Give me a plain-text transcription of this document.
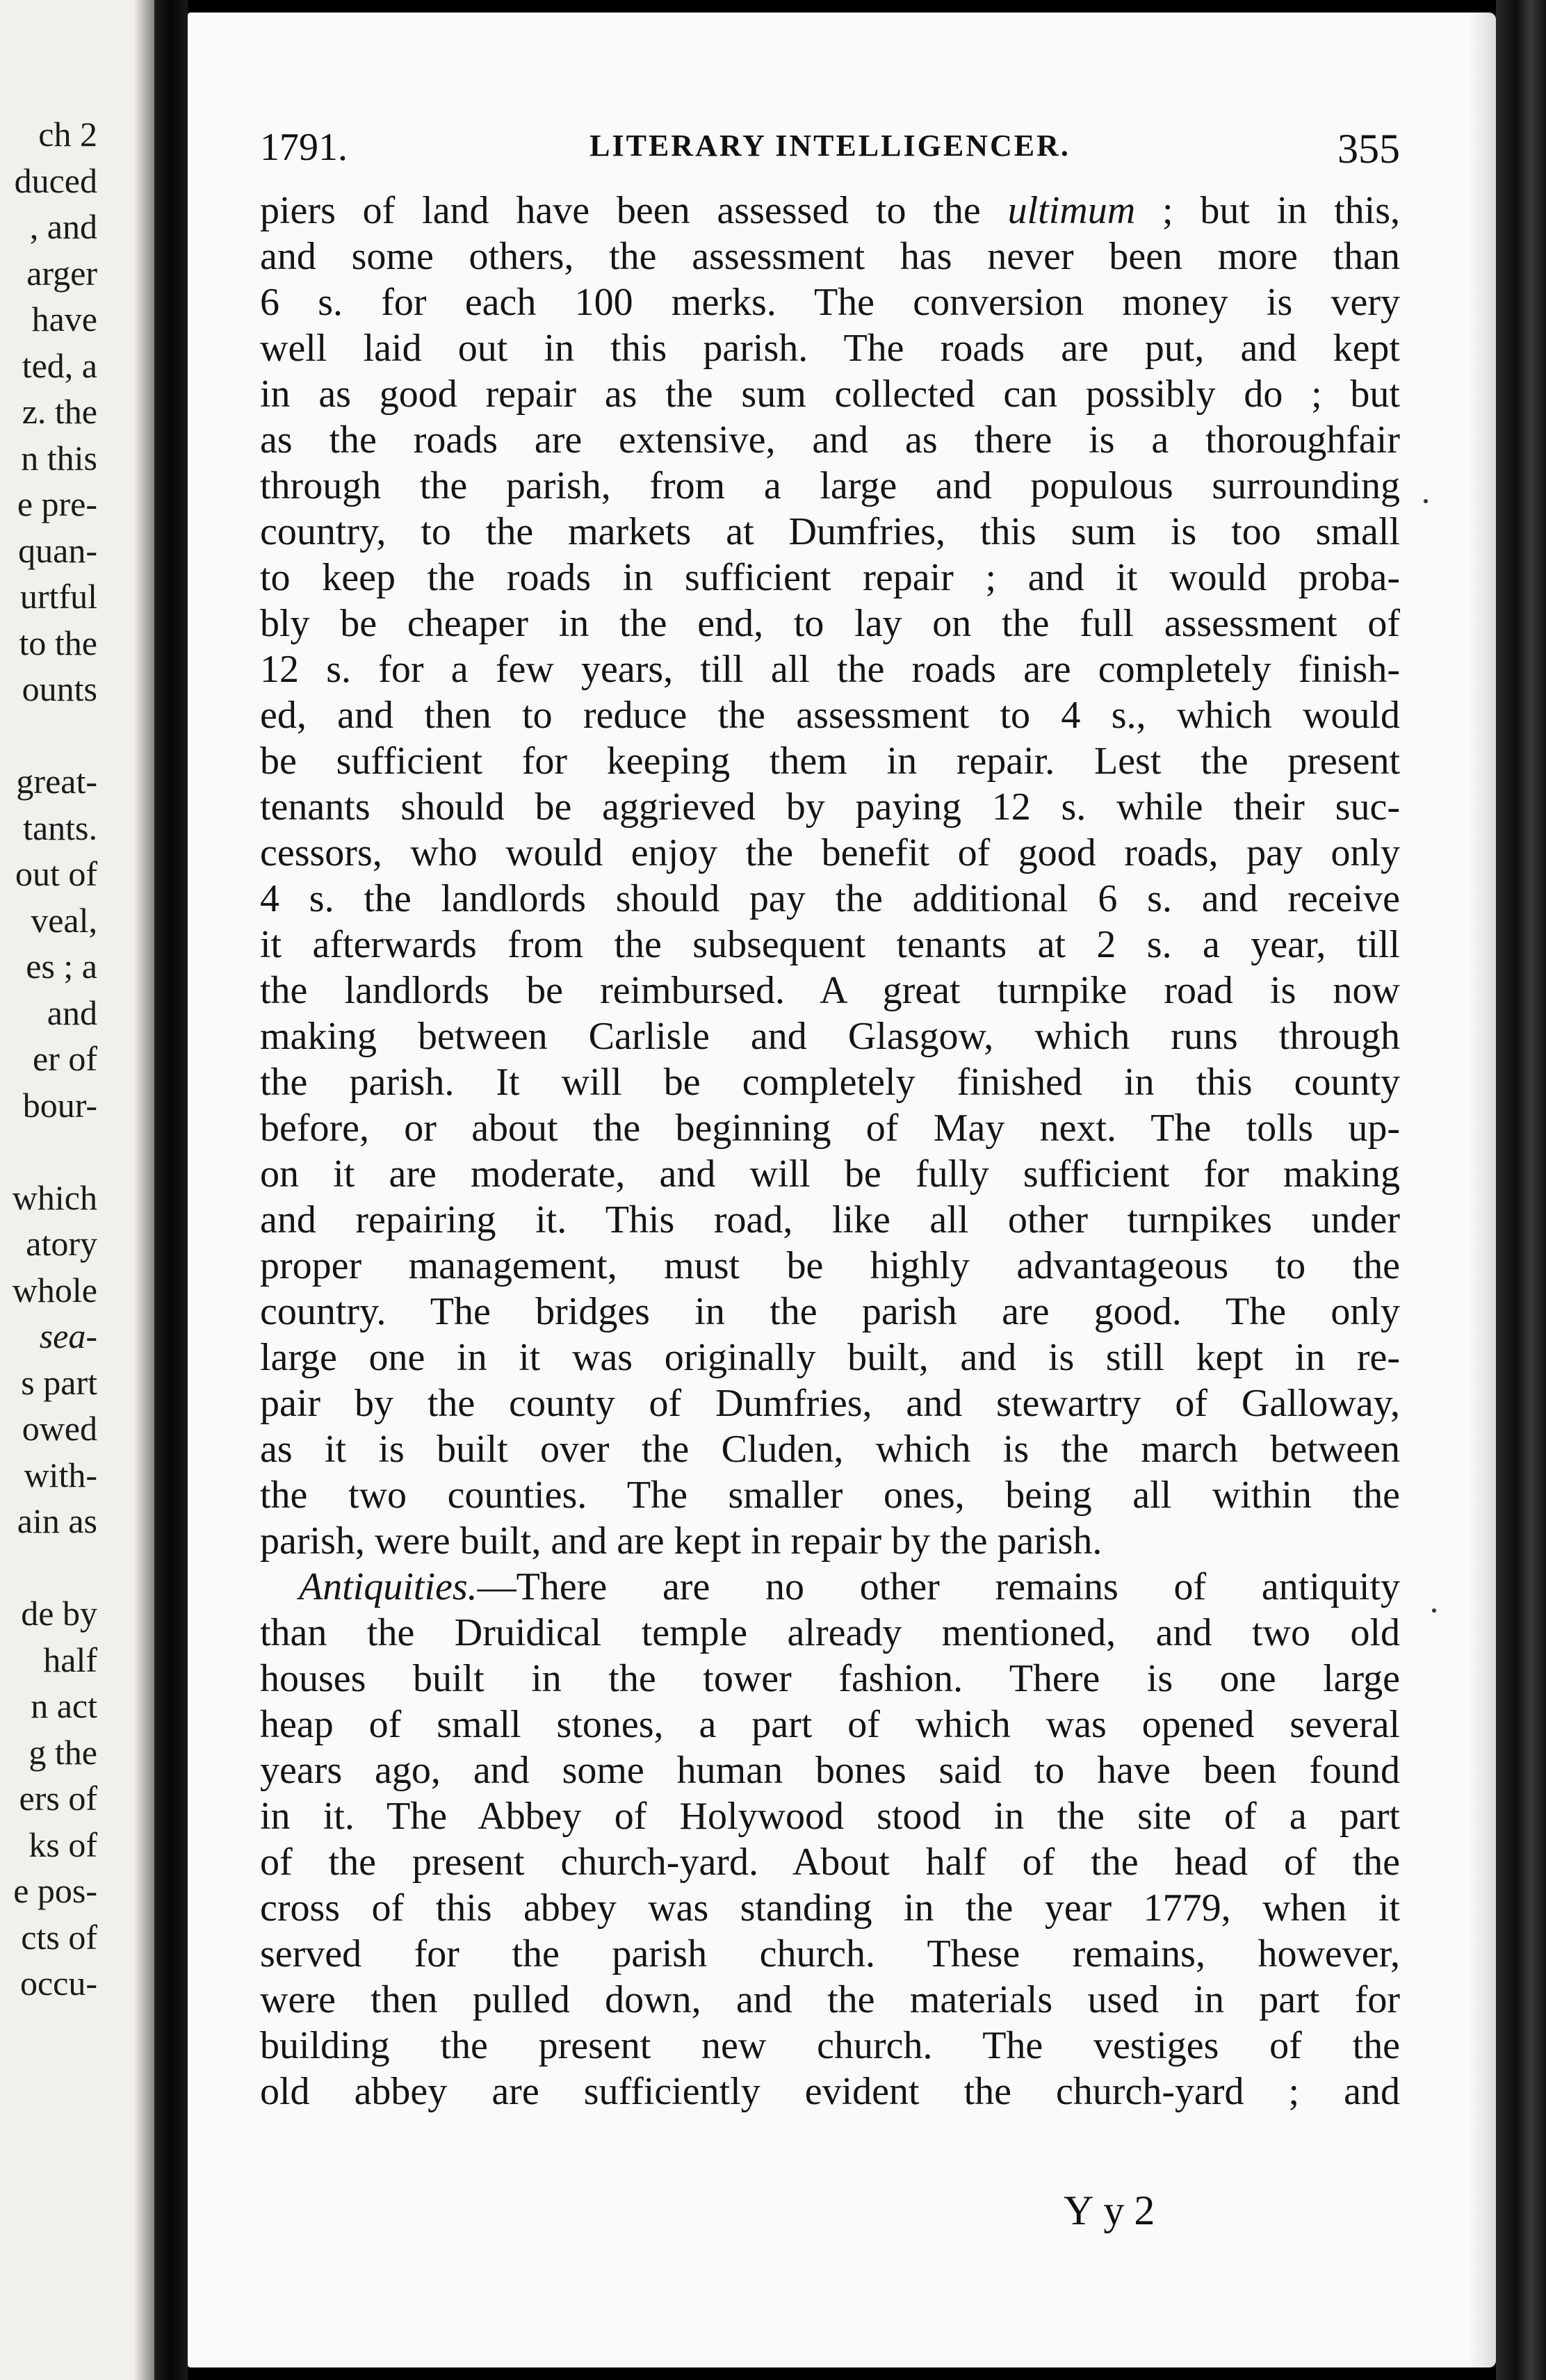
ch 2
duced
, and
arger
have
ted, a
z. the
n this
e pre-
quan-
urtful
to the
ounts
great-
tants.
out of
veal,
es ; a
and
er of
bour-
which
atory
whole
sea-
s part
owed
with-
ain as
de by
half
n act
g the
ers of
ks of
e pos-
cts of
occu-
1791.	LITERARY INTELLIGENCER.	355
piers of land have been assessed to the ultimum ; but in this,
and some others, the assessment has never been more than
6 s. for each 100 merks. The conversion money is very
well laid out in this parish. The roads are put, and kept
in as good repair as the sum collected can possibly do ; but
as the roads are extensive, and as there is a thoroughfair
through the parish, from a large and populous surrounding
country, to the markets at Dumfries, this sum is too small
to keep the roads in sufficient repair ; and it would proba-
bly be cheaper in the end, to lay on the full assessment of
12 s. for a few years, till all the roads are completely finish-
ed, and then to reduce the assessment to 4 s., which would
be sufficient for keeping them in repair. Lest the present
tenants should be aggrieved by paying 12 s. while their suc-
cessors, who would enjoy the benefit of good roads, pay only
4 s. the landlords should pay the additional 6 s. and receive
it afterwards from the subsequent tenants at 2 s. a year, till
the landlords be reimbursed. A great turnpike road is now
making between Carlisle and Glasgow, which runs through
the parish. It will be completely finished in this county
before, or about the beginning of May next. The tolls up-
on it are moderate, and will be fully sufficient for making
and repairing it. This road, like all other turnpikes under
proper management, must be highly advantageous to the
country. The bridges in the parish are good. The only
large one in it was originally built, and is still kept in re-
pair by the county of Dumfries, and stewartry of Galloway,
as it is built over the Cluden, which is the march between
the two counties. The smaller ones, being all within the
parish, were built, and are kept in repair by the parish.
Antiquities.—There are no other remains of antiquity
than the Druidical temple already mentioned, and two old
houses built in the tower fashion. There is one large
heap of small stones, a part of which was opened several
years ago, and some human bones said to have been found
in it. The Abbey of Holywood stood in the site of a part
of the present church-yard. About half of the head of the
cross of this abbey was standing in the year 1779, when it
served for the parish church. These remains, however,
were then pulled down, and the materials used in part for
building the present new church. The vestiges of the
old abbey are sufficiently evident the church-yard ; and
Yy2
